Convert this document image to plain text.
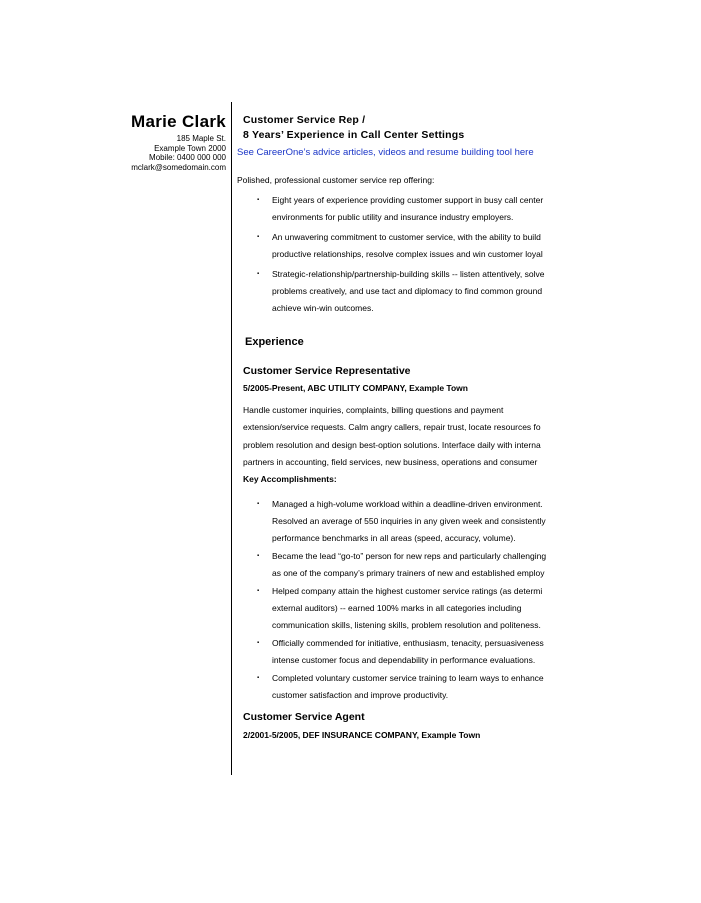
Marie Clark
185 Maple St.
Example Town 2000
Mobile: 0400 000 000
mclark@somedomain.com
Customer Service Rep /
8 Years’ Experience in Call Center Settings
See CareerOne’s advice articles, videos and resume building tool here
Polished, professional customer service rep offering:
▪ Eight years of experience providing customer support in busy call center
environments for public utility and insurance industry employers.
▪ An unwavering commitment to customer service, with the ability to build
productive relationships, resolve complex issues and win customer loyal
▪ Strategic-relationship/partnership-building skills -- listen attentively, solve
problems creatively, and use tact and diplomacy to find common ground
achieve win-win outcomes.
Experience
Customer Service Representative
5/2005-Present, ABC UTILITY COMPANY, Example Town
Handle customer inquiries, complaints, billing questions and payment
extension/service requests. Calm angry callers, repair trust, locate resources fo
problem resolution and design best-option solutions. Interface daily with interna
partners in accounting, field services, new business, operations and consumer
Key Accomplishments:
▪ Managed a high-volume workload within a deadline-driven environment.
Resolved an average of 550 inquiries in any given week and consistently
performance benchmarks in all areas (speed, accuracy, volume).
▪ Became the lead “go-to” person for new reps and particularly challenging
as one of the company’s primary trainers of new and established employ
▪ Helped company attain the highest customer service ratings (as determi
external auditors) -- earned 100% marks in all categories including
communication skills, listening skills, problem resolution and politeness.
▪ Officially commended for initiative, enthusiasm, tenacity, persuasiveness
intense customer focus and dependability in performance evaluations.
▪ Completed voluntary customer service training to learn ways to enhance
customer satisfaction and improve productivity.
Customer Service Agent
2/2001-5/2005, DEF INSURANCE COMPANY, Example Town
